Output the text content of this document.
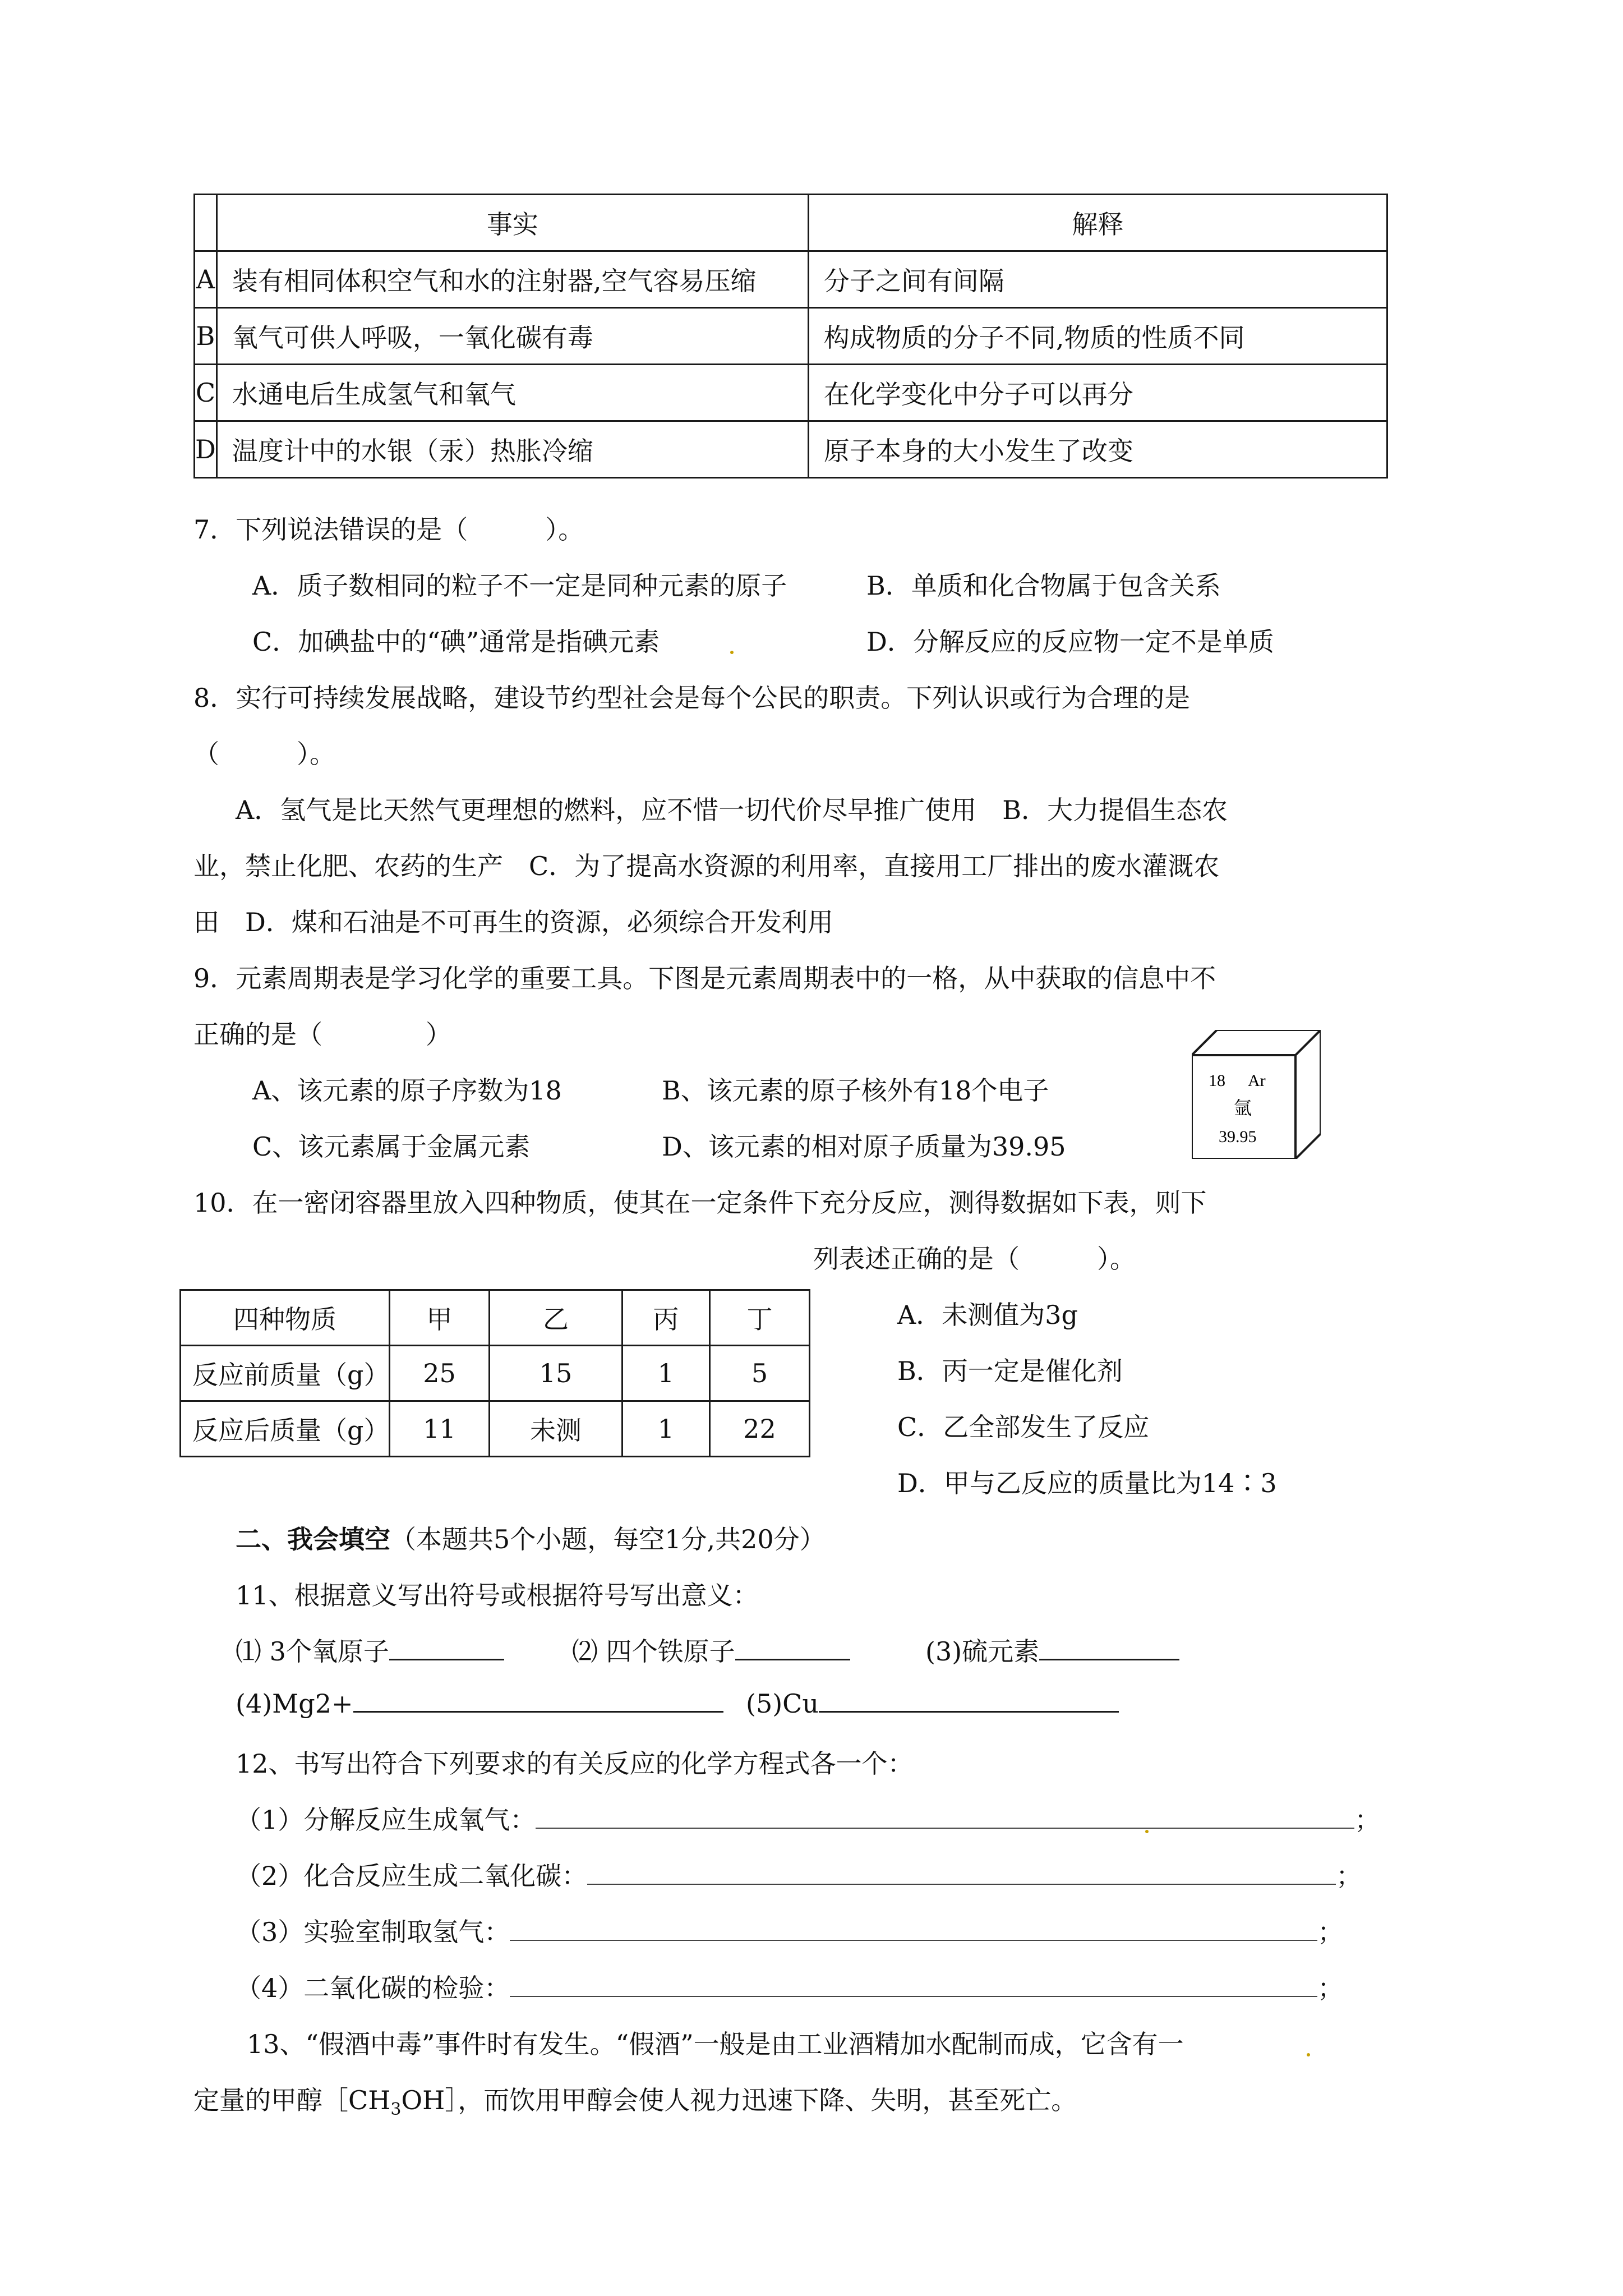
	事实	解释
A	装有相同体积空气和水的注射器,空气容易压缩	分子之间有间隔
B	氧气可供人呼吸，一氧化碳有毒	构成物质的分子不同,物质的性质不同
C	水通电后生成氢气和氧气	在化学变化中分子可以再分
D	温度计中的水银（汞）热胀冷缩	原子本身的大小发生了改变
7．下列说法错误的是（　　　）。
A．质子数相同的粒子不一定是同种元素的原子	B．单质和化合物属于包含关系
C．加碘盐中的“碘”通常是指碘元素	D．分解反应的反应物一定不是单质
8．实行可持续发展战略，建设节约型社会是每个公民的职责。下列认识或行为合理的是
（　　　）。
A．氢气是比天然气更理想的燃料，应不惜一切代价尽早推广使用　B．大力提倡生态农
业，禁止化肥、农药的生产　C．为了提高水资源的利用率，直接用工厂排出的废水灌溉农
田　D．煤和石油是不可再生的资源，必须综合开发利用
9．元素周期表是学习化学的重要工具。下图是元素周期表中的一格，从中获取的信息中不
正确的是（　　　　）
A、该元素的原子序数为18	B、该元素的原子核外有18个电子
C、该元素属于金属元素	D、该元素的相对原子质量为39.95
18 Ar
氩
39.95
10．在一密闭容器里放入四种物质，使其在一定条件下充分反应，测得数据如下表，则下
列表述正确的是（　　　）。
四种物质	甲	乙	丙	丁
反应前质量（g）	25	15	1	5
反应后质量（g）	11	未测	1	22
A．未测值为3g
B．丙一定是催化剂
C．乙全部发生了反应
D．甲与乙反应的质量比为14∶3
二、我会填空（本题共5个小题，每空1分,共20分）
11、根据意义写出符号或根据符号写出意义：
⑴ 3个氧原子	⑵ 四个铁原子	(3)硫元素
(4)Mg2+	(5)Cu
12、书写出符合下列要求的有关反应的化学方程式各一个：
（1）分解反应生成氧气：	；
（2）化合反应生成二氧化碳：	；
（3）实验室制取氢气：	；
（4）二氧化碳的检验：	；
13、“假酒中毒”事件时有发生。“假酒”一般是由工业酒精加水配制而成，它含有一
定量的甲醇$[CH_3OH]$，而饮用甲醇会使人视力迅速下降、失明，甚至死亡。
